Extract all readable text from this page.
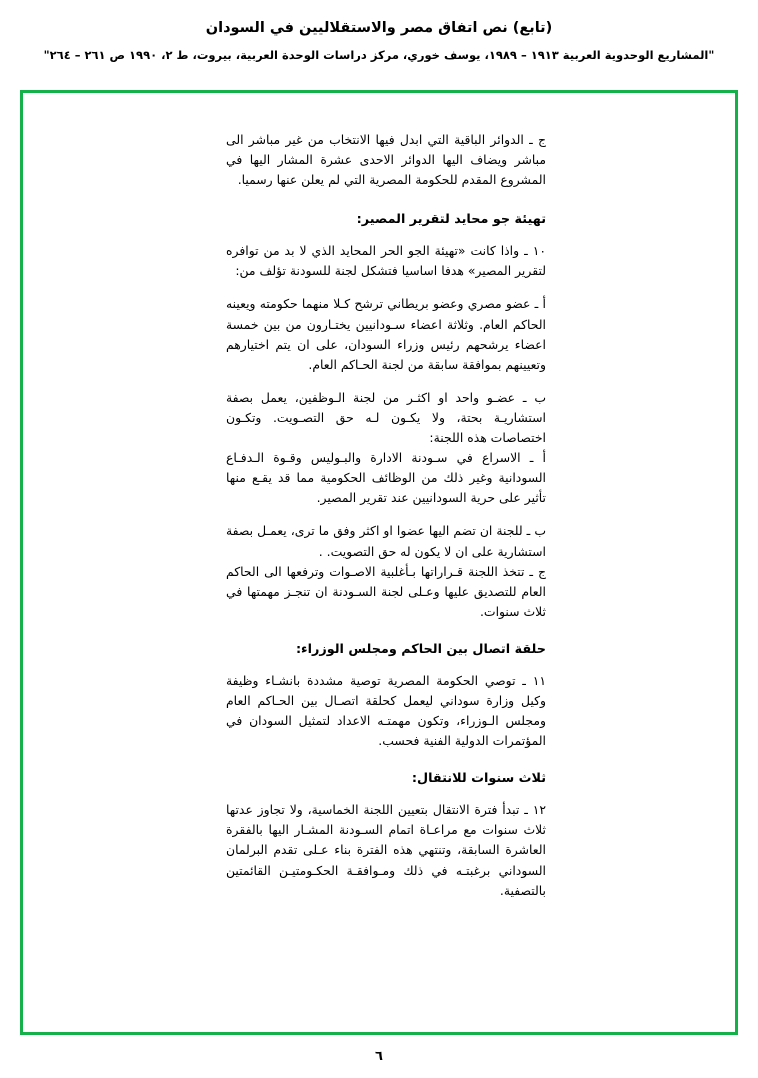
(تابع) نص اتفاق مصر والاستقلاليين في السودان
"المشاريع الوحدوية العربية ١٩١٣ – ١٩٨٩، يوسف خوري، مركز دراسات الوحدة العربية، بيروت، ط ٢، ١٩٩٠ ص ٢٦١ – ٢٦٤"

ج ـ الدوائر الباقية التي ابدل فيها الانتخاب من غير مباشر الى مباشر ويضاف اليها الدوائر الاحدى عشرة المشار اليها في المشروع المقدم للحكومة المصرية التي لم يعلن عنها رسميا.

تهيئة جو محايد لتقرير المصير:

١٠ ـ واذا كانت «تهيئة الجو الحر المحايد الذي لا بد من توافره لتقرير المصير» هدفا اساسيا فتشكل لجنة للسودنة تؤلف من:

أ ـ عضو مصري وعضو بريطاني ترشح كـلا منهما حكومته ويعينه الحاكم العام. وثلاثة اعضاء سـودانيين يختـارون من بين خمسة اعضاء يرشحهم رئيس وزراء السودان، على ان يتم اختيارهم وتعيينهم بموافقة سابقة من لجنة الحـاكم العام.

ب ـ عضـو واحد او اكثـر من لجنة الـوظفين، يعمل بصفة استشاريـة بحتة، ولا يكـون لـه حق التصـويت. وتكـون اختصاصات هذه اللجنة:

أ ـ الاسراع في سـودنة الادارة والبـوليس وقـوة الـدفـاع السودانية وغير ذلك من الوظائف الحكومية مما قد يقـع منها تأثير على حرية السودانيين عند تقرير المصير.

ب ـ للجنة ان تضم اليها عضوا او اكثر وفق ما ترى، يعمـل بصفة استشارية على ان لا يكون له حق التصويت. .

ج ـ تتخذ اللجنة قـراراتها بـأغلبية الاصـوات وترفعها الى الحاكم العام للتصديق عليها وعـلى لجنة السـودنة ان تنجـز مهمتها في ثلاث سنوات.

حلقة اتصال بين الحاكم ومجلس الوزراء:

١١ ـ توصي الحكومة المصرية توصية مشددة بانشـاء وظيفة وكيل وزارة سوداني ليعمل كحلقة اتصـال بين الحـاكم العام ومجلس الـوزراء، وتكون مهمتـه الاعداد لتمثيل السودان في المؤتمرات الدولية الفنية فحسب.

ثلاث سنوات للانتقال:

١٢ ـ تبدأ فترة الانتقال بتعيين اللجنة الخماسية، ولا تجاوز عدتها ثلاث سنوات مع مراعـاة اتمام السـودنة المشـار اليها بالفقرة العاشرة السابقة، وتنتهي هذه الفترة بناء عـلى تقدم البرلمان السوداني برغبتـه في ذلك ومـوافقـة الحكـومتيـن القائمتين بالتصفية.

٦
